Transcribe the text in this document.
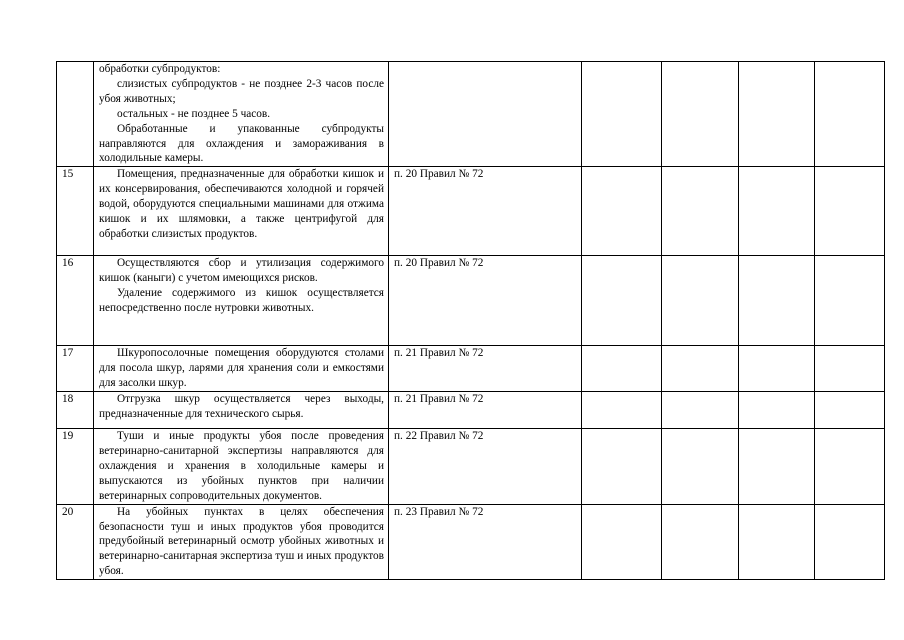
	обработки субпродуктов:
слизистых субпродуктов - не позднее 2-3 часов после убоя животных;
остальных - не позднее 5 часов.
Обработанные и упакованные субпродукты направляются для охлаждения и замораживания в холодильные камеры.					

15	Помещения, предназначенные для обработки кишок и их консервирования, обеспечиваются холодной и горячей водой, оборудуются специальными машинами для отжима кишок и их шлямовки, а также центрифугой для обработки слизистых продуктов.	п. 20 Правил № 72				
16	Осуществляются сбор и утилизация содержимого кишок (каныги) с учетом имеющихся рисков.
Удаление содержимого из кишок осуществляется непосредственно после нутровки животных.	п. 20 Правил № 72				
17	Шкуропосолочные помещения оборудуются столами для посола шкур, ларями для хранения соли и емкостями для засолки шкур.	п. 21 Правил № 72				
18	Отгрузка шкур осуществляется через выходы, предназначенные для технического сырья.	п. 21 Правил № 72				
19	Туши и иные продукты убоя после проведения ветеринарно-санитарной экспертизы направляются для охлаждения и хранения в холодильные камеры и выпускаются из убойных пунктов при наличии ветеринарных сопроводительных документов.	п. 22 Правил № 72				
20	На убойных пунктах в целях обеспечения безопасности туш и иных продуктов убоя проводится предубойный ветеринарный осмотр убойных животных и ветеринарно-санитарная экспертиза туш и иных продуктов убоя.	п. 23 Правил № 72				
